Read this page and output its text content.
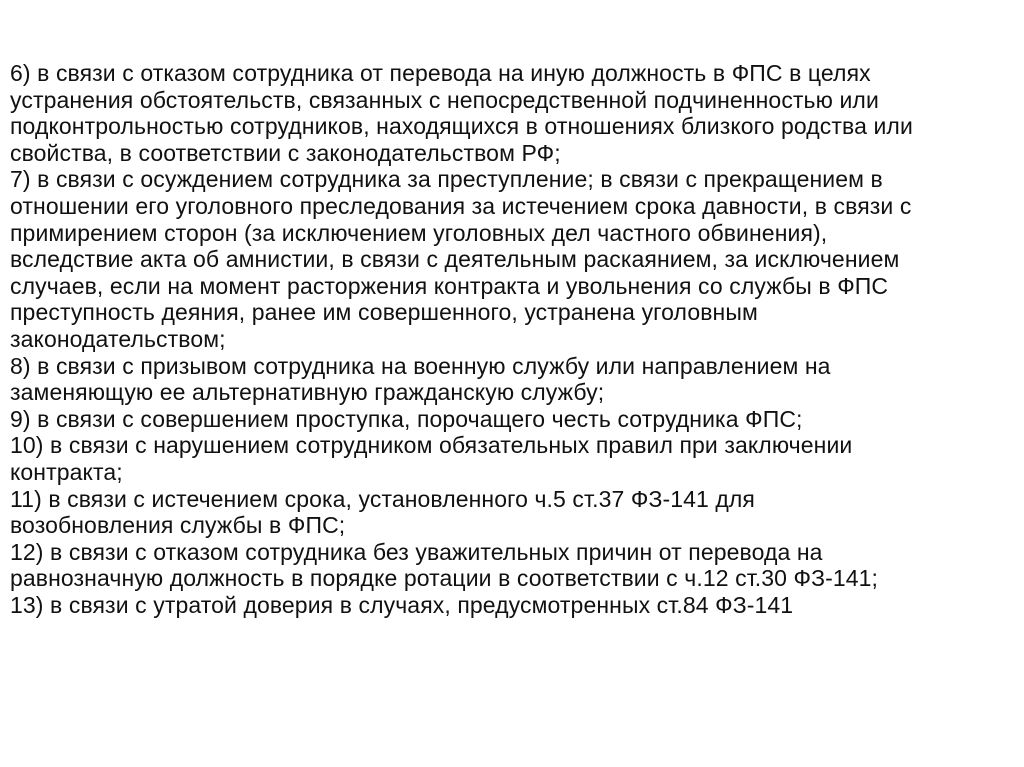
6) в связи с отказом сотрудника от перевода на иную должность в ФПС в целях
устранения обстоятельств, связанных с непосредственной подчиненностью или
подконтрольностью сотрудников, находящихся в отношениях близкого родства или
свойства, в соответствии с законодательством РФ;
7) в связи с осуждением сотрудника за преступление; в связи с прекращением в
отношении его уголовного преследования за истечением срока давности, в связи с
примирением сторон (за исключением уголовных дел частного обвинения),
вследствие акта об амнистии, в связи с деятельным раскаянием, за исключением
случаев, если на момент расторжения контракта и увольнения со службы в ФПС
преступность деяния, ранее им совершенного, устранена уголовным
законодательством;
8) в связи с призывом сотрудника на военную службу или направлением на
заменяющую ее альтернативную гражданскую службу;
9) в связи с совершением проступка, порочащего честь сотрудника ФПС;
10) в связи с нарушением сотрудником обязательных правил при заключении
контракта;
11) в связи с истечением срока, установленного ч.5 ст.37 ФЗ-141 для
возобновления службы в ФПС;
12) в связи с отказом сотрудника без уважительных причин от перевода на
равнозначную должность в порядке ротации в соответствии с ч.12 ст.30 ФЗ-141;
13) в связи с утратой доверия в случаях, предусмотренных ст.84 ФЗ-141
